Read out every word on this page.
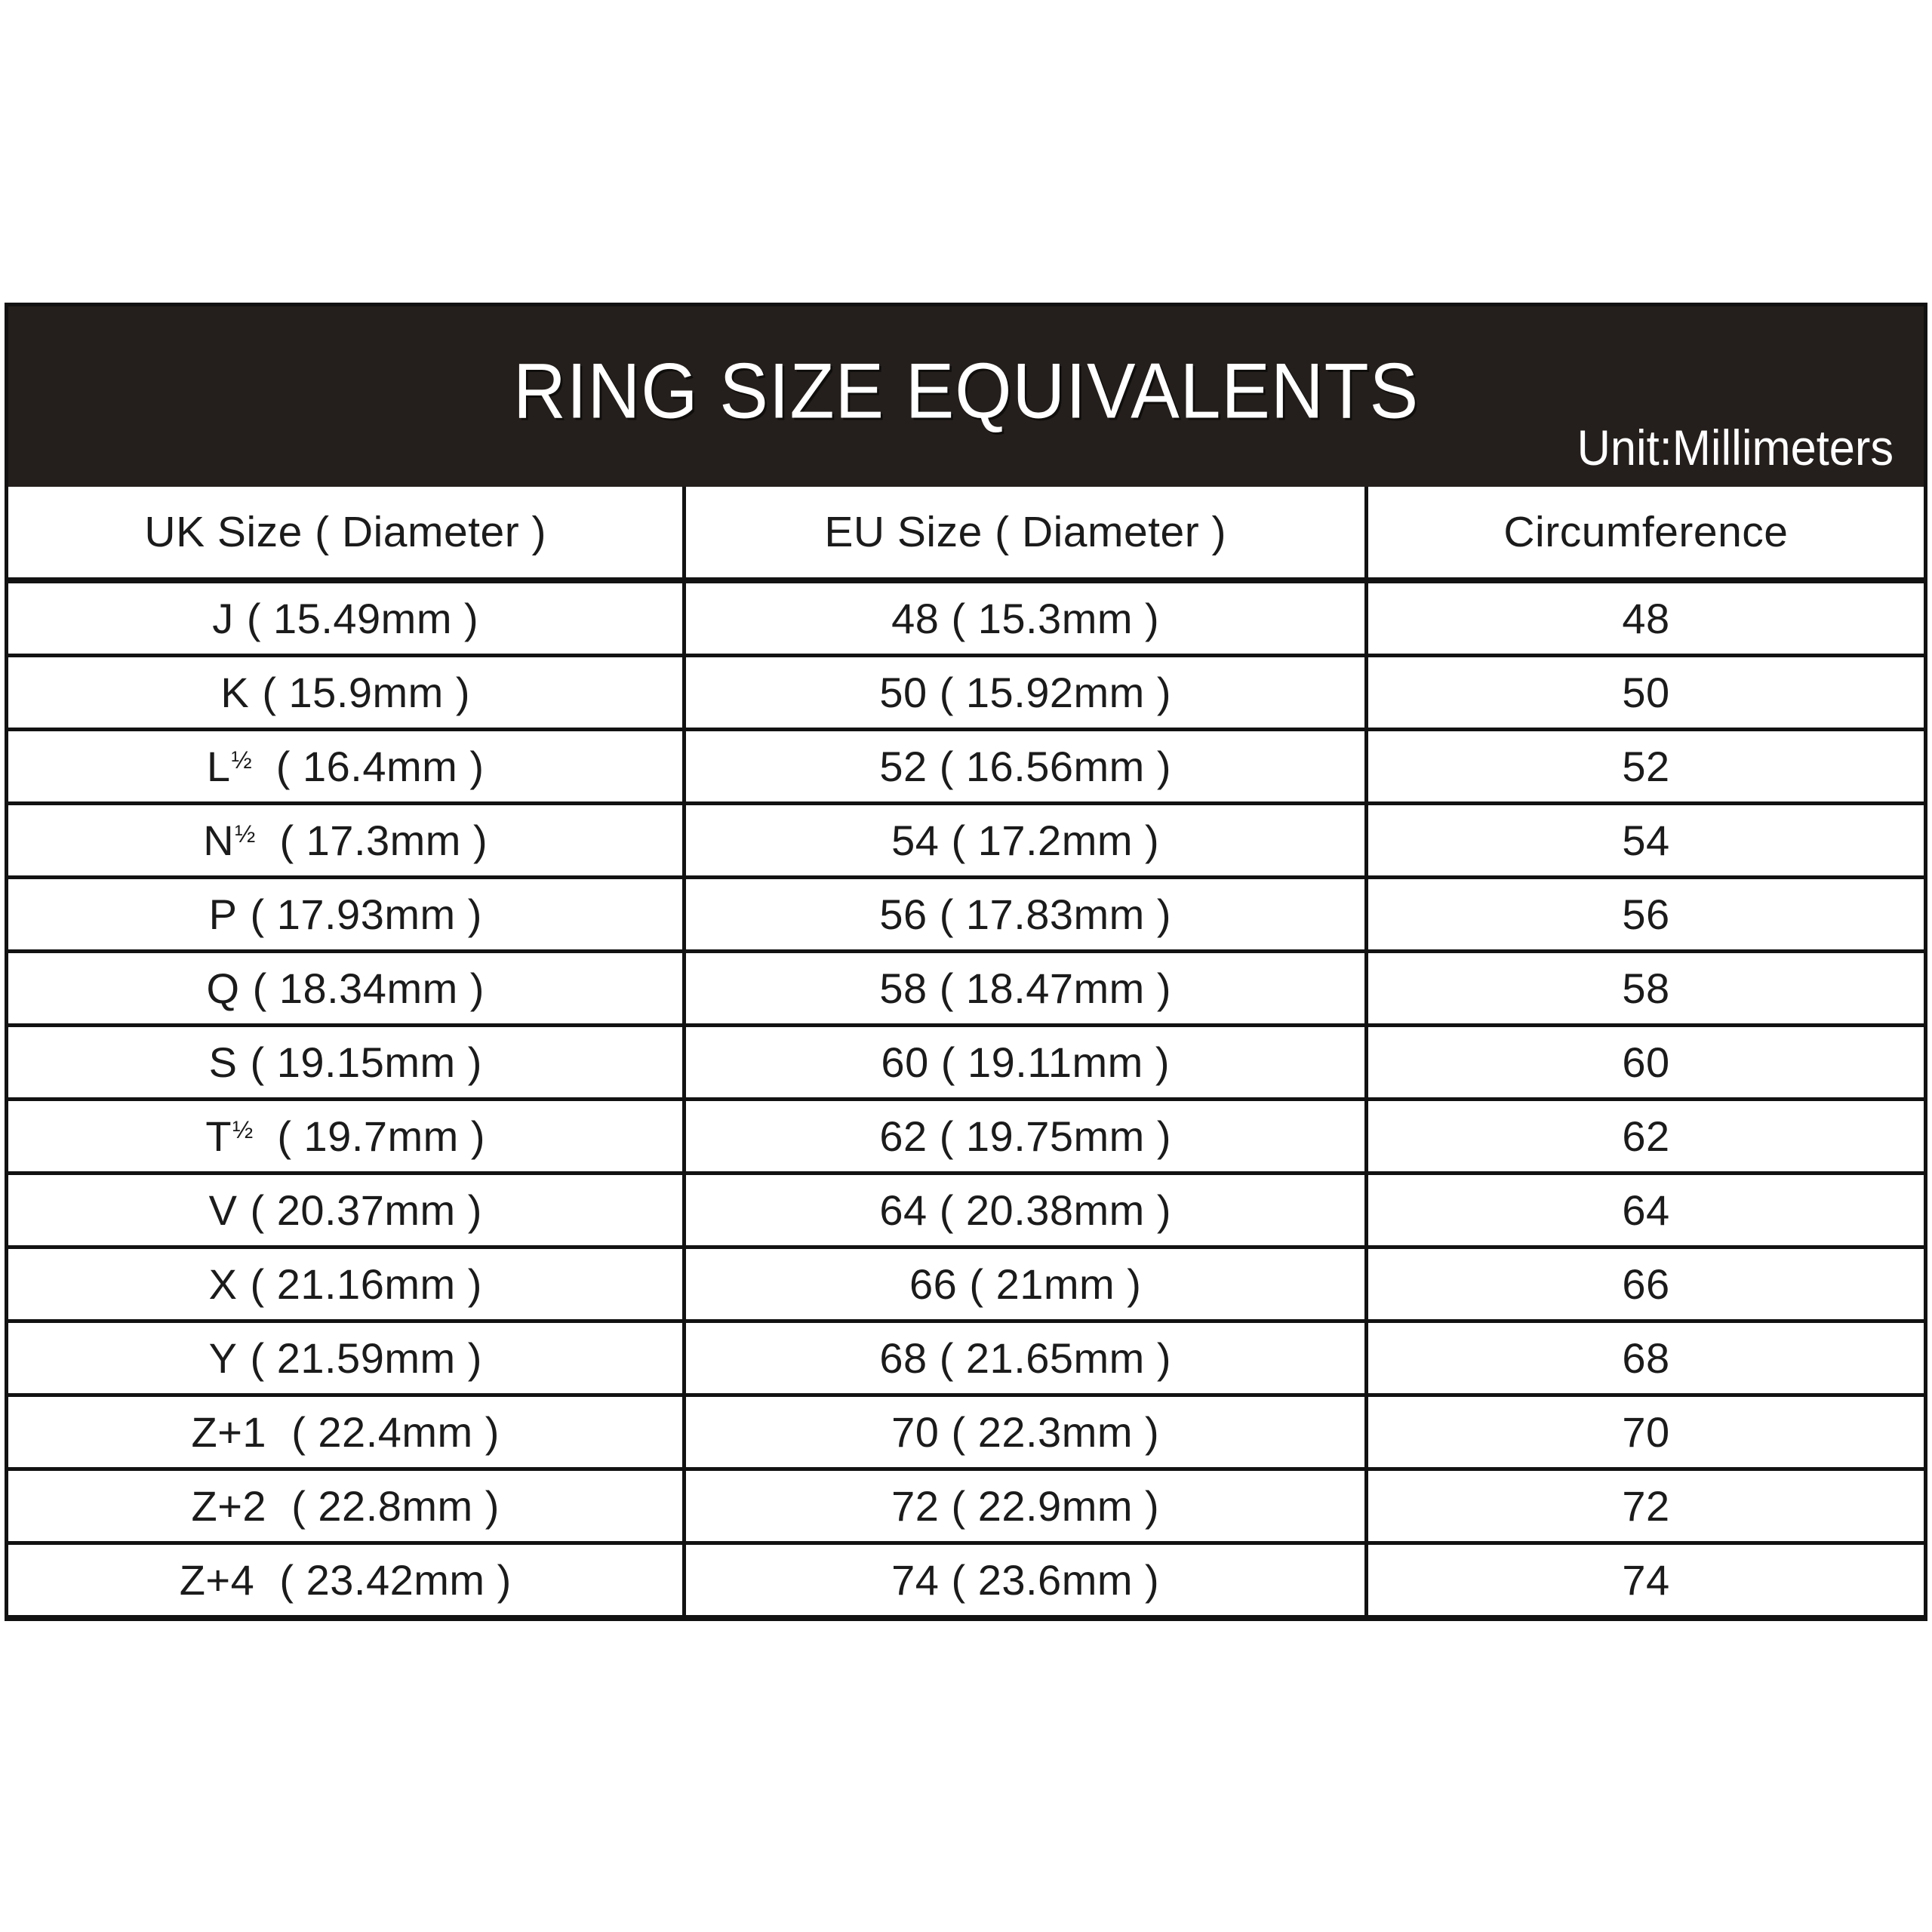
RING SIZE EQUIVALENTS
Unit:Millimeters
UK Size ( Diameter )	EU Size ( Diameter )	Circumference
J ( 15.49mm )	48 ( 15.3mm )	48
K ( 15.9mm )	50 ( 15.92mm )	50
$L^{\frac{1}{2}}$  ( 16.4mm )	52 ( 16.56mm )	52
$N^{\frac{1}{2}}$  ( 17.3mm )	54 ( 17.2mm )	54
P ( 17.93mm )	56 ( 17.83mm )	56
Q ( 18.34mm )	58 ( 18.47mm )	58
S ( 19.15mm )	60 ( 19.11mm )	60
$T^{\frac{1}{2}}$  ( 19.7mm )	62 ( 19.75mm )	62
V ( 20.37mm )	64 ( 20.38mm )	64
X ( 21.16mm )	66 ( 21mm )	66
Y ( 21.59mm )	68 ( 21.65mm )	68
Z+1  ( 22.4mm )	70 ( 22.3mm )	70
Z+2  ( 22.8mm )	72 ( 22.9mm )	72
Z+4  ( 23.42mm )	74 ( 23.6mm )	74
